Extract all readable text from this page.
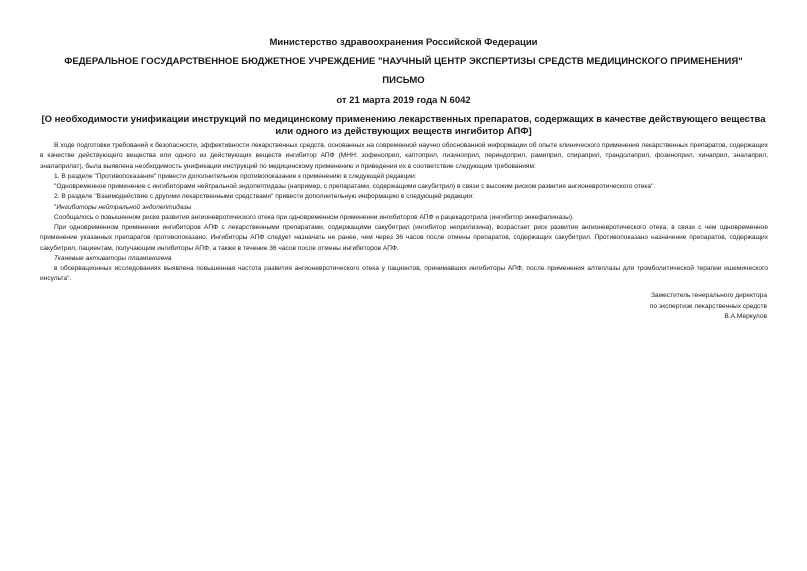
Министерство здравоохранения Российской Федерации
ФЕДЕРАЛЬНОЕ ГОСУДАРСТВЕННОЕ БЮДЖЕТНОЕ УЧРЕЖДЕНИЕ "НАУЧНЫЙ ЦЕНТР ЭКСПЕРТИЗЫ СРЕДСТВ МЕДИЦИНСКОГО ПРИМЕНЕНИЯ"
ПИСЬМО
от 21 марта 2019 года N 6042
[О необходимости унификации инструкций по медицинскому применению лекарственных препаратов, содержащих в качестве действующего вещества или одного из действующих веществ ингибитор АПФ]

В ходе подготовки требований к безопасности, эффективности лекарственных средств, основанных на современной научно обоснованной информации об опыте клинического применения лекарственных препаратов, содержащих в качестве действующего вещества или одного из действующих веществ ингибитор АПФ (МНН: зофеноприл, каптоприл, лизиноприл, периндоприл, рамиприл, спираприл, трандолаприл, фозиноприл, хинаприл, эналаприл, эналаприлат), была выявлена необходимость унификации инструкций по медицинскому применению и приведения их в соответствие следующим требованиям:

1. В разделе "Противопоказания" привести дополнительное противопоказание к применению в следующей редакции:

"Одновременное применение с ингибиторами нейтральной эндопептидазы (например, с препаратами, содержащими сакубитрил) в связи с высоким риском развития ангионевротического отека".

2. В разделе "Взаимодействие с другими лекарственными средствами" привести дополнительную информацию в следующей редакции:

"Ингибиторы нейтральной эндопептидазы

Сообщалось о повышенном риске развития ангионевротического отека при одновременном применении ингибиторов АПФ и рацекадотрила (ингибитор энкефалиназы).

При одновременном применении ингибиторов АПФ с лекарственными препаратами, содержащими сакубитрил (ингибитор неприлизина), возрастает риск развития ангионевротического отека, в связи с чем одновременное применение указанных препаратов противопоказано. Ингибиторы АПФ следует назначать не ранее, чем через 36 часов после отмены препаратов, содержащих сакубитрил. Противопоказано назначение препаратов, содержащих сакубитрил, пациентам, получающим ингибиторы АПФ, а также в течение 36 часов после отмены ингибиторов АПФ.

Тканевые активаторы плазминогена

в обсервационных исследованиях выявлена повышенная частота развития ангионевротического отека у пациентов, принимавших ингибиторы АПФ, после применения алтеплазы для тромболитической терапии ишемического инсульта".

Заместитель генерального директора
по экспертизе лекарственных средств
В.А.Меркулов
